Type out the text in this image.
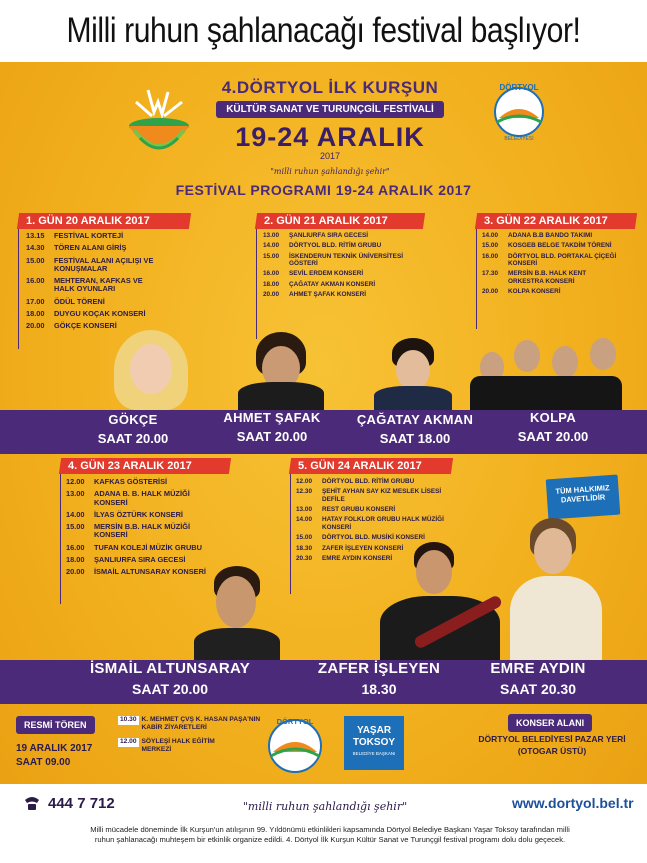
Milli ruhun şahlanacağı festival başlıyor!
4.DÖRTYOL İLK KURŞUN
KÜLTÜR SANAT VE TURUNÇGİL FESTİVALİ
19-24 ARALIK
2017
"milli ruhun şahlandığı şehir"
DÖRTYOL
BELEDİYESİ
FESTİVAL PROGRAMI 19-24 ARALIK 2017
1. GÜN 20 ARALIK 2017
13.15	FESTİVAL KORTEJİ
14.30	TÖREN ALANI GİRİŞ
15.00	FESTİVAL ALANI AÇILIŞI VE KONUŞMALAR
16.00	MEHTERAN, KAFKAS VE HALK OYUNLARI
17.00	ÖDÜL TÖRENİ
18.00	DUYGU KOÇAK KONSERİ
20.00	GÖKÇE KONSERİ
2. GÜN 21 ARALIK 2017
13.00	ŞANLIURFA SIRA GECESİ
14.00	DÖRTYOL BLD. RİTİM GRUBU
15.00	İSKENDERUN TEKNİK ÜNİVERSİTESİ GÖSTERİ
16.00	SEVİL ERDEM KONSERİ
18.00	ÇAĞATAY AKMAN KONSERİ
20.00	AHMET ŞAFAK KONSERİ
3. GÜN 22 ARALIK 2017
14.00	ADANA B.B BANDO TAKIMI
15.00	KOSGEB BELGE TAKDİM TÖRENİ
16.00	DÖRTYOL BLD. PORTAKAL ÇİÇEĞİ KONSERİ
17.30	MERSİN B.B. HALK KENT ORKESTRA KONSERİ
20.00	KOLPA KONSERİ
GÖKÇE
SAAT 20.00
AHMET ŞAFAK
SAAT 20.00
ÇAĞATAY AKMAN
SAAT 18.00
KOLPA
SAAT 20.00
4. GÜN 23 ARALIK 2017
12.00	KAFKAS GÖSTERİSİ
13.00	ADANA B. B. HALK MÜZİĞİ KONSERİ
14.00	İLYAS ÖZTÜRK KONSERİ
15.00	MERSİN B.B. HALK MÜZİĞİ KONSERİ
16.00	TUFAN KOLEJİ MÜZİK GRUBU
18.00	ŞANLIURFA SIRA GECESİ
20.00	İSMAİL ALTUNSARAY KONSERİ
5. GÜN 24 ARALIK 2017
12.00	DÖRTYOL BLD. RİTİM GRUBU
12.30	ŞEHİT AYHAN SAY KIZ MESLEK LİSESİ DEFİLE
13.00	REST GRUBU KONSERİ
14.00	HATAY FOLKLOR GRUBU HALK MÜZİĞİ KONSERİ
15.00	DÖRTYOL BLD. MUSİKİ KONSERİ
18.30	ZAFER İŞLEYEN KONSERİ
20.30	EMRE AYDIN KONSERİ
TÜM HALKIMIZ DAVETLİDİR
İSMAİL ALTUNSARAY
SAAT 20.00
ZAFER İŞLEYEN
18.30
EMRE AYDIN
SAAT 20.30
RESMİ TÖREN
19 ARALIK 2017
SAAT 09.00
10.30 K. MEHMET ÇVŞ K. HASAN PAŞA'NIN KABİR ZİYARETLERİ
12.00 SÖYLEŞİ HALK EĞİTİM MERKEZİ
DÖRTYOL
YAŞAR
TOKSOY
BELEDİYE BAŞKANI
KONSER ALANI
DÖRTYOL BELEDİYESİ PAZAR YERİ
(OTOGAR ÜSTÜ)
444 7 712	"milli ruhun şahlandığı şehir"	www.dortyol.bel.tr
Milli mücadele döneminde İlk Kurşun'un atılışının 99. Yıldönümü etkinlikleri kapsamında Dörtyol Belediye Başkanı Yaşar Toksoy tarafından milli ruhun şahlanacağı muhteşem bir etkinlik organize edildi. 4. Dörtyol İlk Kurşun Kültür Sanat ve Turunçgil festival programı dolu dolu geçecek.
